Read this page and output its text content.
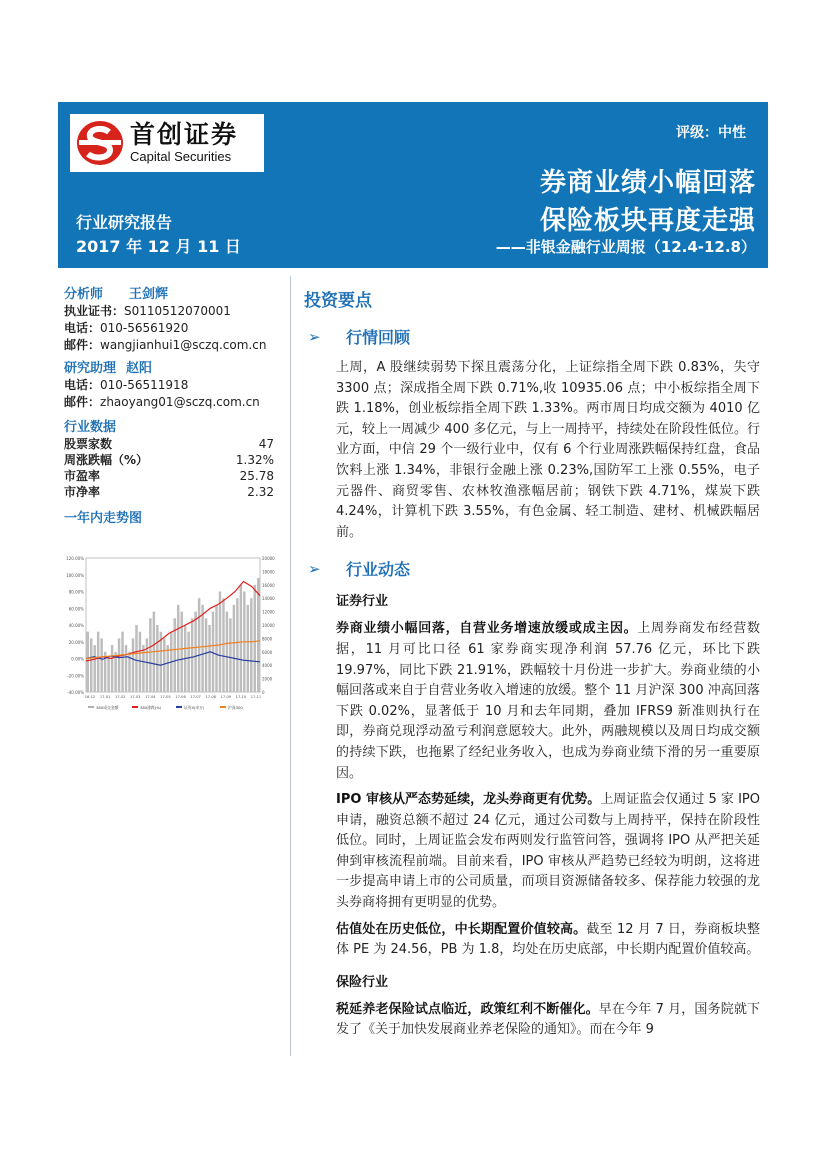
首创证券
Capital Securities
评级：中性
券商业绩小幅回落
保险板块再度走强
——非银金融行业周报（12.4-12.8）
行业研究报告
2017 年 12 月 11 日
分析师 王剑辉
执业证书： S0110512070001
电话： 010-56561920
邮件： wangjianhui1@sczq.com.cn
研究助理 赵阳
电话： 010-56511918
邮件： zhaoyang01@sczq.com.cn
行业数据
股票家数	47
周涨跌幅（%）	1.32%
市盈率	25.78
市净率	2.32
一年内走势图
120.00%
100.00%
80.00%
60.00%
40.00%
20.00%
0.00%
-20.00%
-40.00%
20000
18000
16000
14000
12000
10000
8000
6000
4000
2000
0
16-12 17-01 17-02 17-03 17-04 17-05 17-06 17-07 17-08 17-09 17-10 17-11
380成交金额	380涨跌(%)	证券II(申万)	沪深300
投资要点
➢	行情回顾
上周，A 股继续弱势下探且震荡分化，上证综指全周下跌 0.83%，失守 3300 点；深成指全周下跌 0.71%,收 10935.06 点；中小板综指全周下跌 1.18%，创业板综指全周下跌 1.33%。两市周日均成交额为 4010 亿元，较上一周减少 400 多亿元，与上一周持平，持续处在阶段性低位。行业方面，中信 29 个一级行业中，仅有 6 个行业周涨跌幅保持红盘，食品饮料上涨 1.34%，非银行金融上涨 0.23%,国防军工上涨 0.55%，电子元器件、商贸零售、农林牧渔涨幅居前；钢铁下跌 4.71%，煤炭下跌 4.24%，计算机下跌 3.55%，有色金属、轻工制造、建材、机械跌幅居前。
➢	行业动态
证券行业
券商业绩小幅回落，自营业务增速放缓或成主因。上周券商发布经营数据，11 月可比口径 61 家券商实现净利润 57.76 亿元，环比下跌 19.97%，同比下跌 21.91%，跌幅较十月份进一步扩大。券商业绩的小幅回落或来自于自营业务收入增速的放缓。整个 11 月沪深 300 冲高回落下跌 0.02%，显著低于 10 月和去年同期，叠加 IFRS9 新准则执行在即，券商兑现浮动盈亏利润意愿较大。此外，两融规模以及周日均成交额的持续下跌，也拖累了经纪业务收入，也成为券商业绩下滑的另一重要原因。
IPO 审核从严态势延续，龙头券商更有优势。上周证监会仅通过 5 家 IPO 申请，融资总额不超过 24 亿元，通过公司数与上周持平，保持在阶段性低位。同时，上周证监会发布两则发行监管问答，强调将 IPO 从严把关延伸到审核流程前端。目前来看，IPO 审核从严趋势已经较为明朗，这将进一步提高申请上市的公司质量，而项目资源储备较多、保荐能力较强的龙头券商将拥有更明显的优势。
估值处在历史低位，中长期配置价值较高。截至 12 月 7 日，券商板块整体 PE 为 24.56，PB 为 1.8，均处在历史底部，中长期内配置价值较高。
保险行业
税延养老保险试点临近，政策红利不断催化。早在今年 7 月，国务院就下发了《关于加快发展商业养老保险的通知》。而在今年 9
